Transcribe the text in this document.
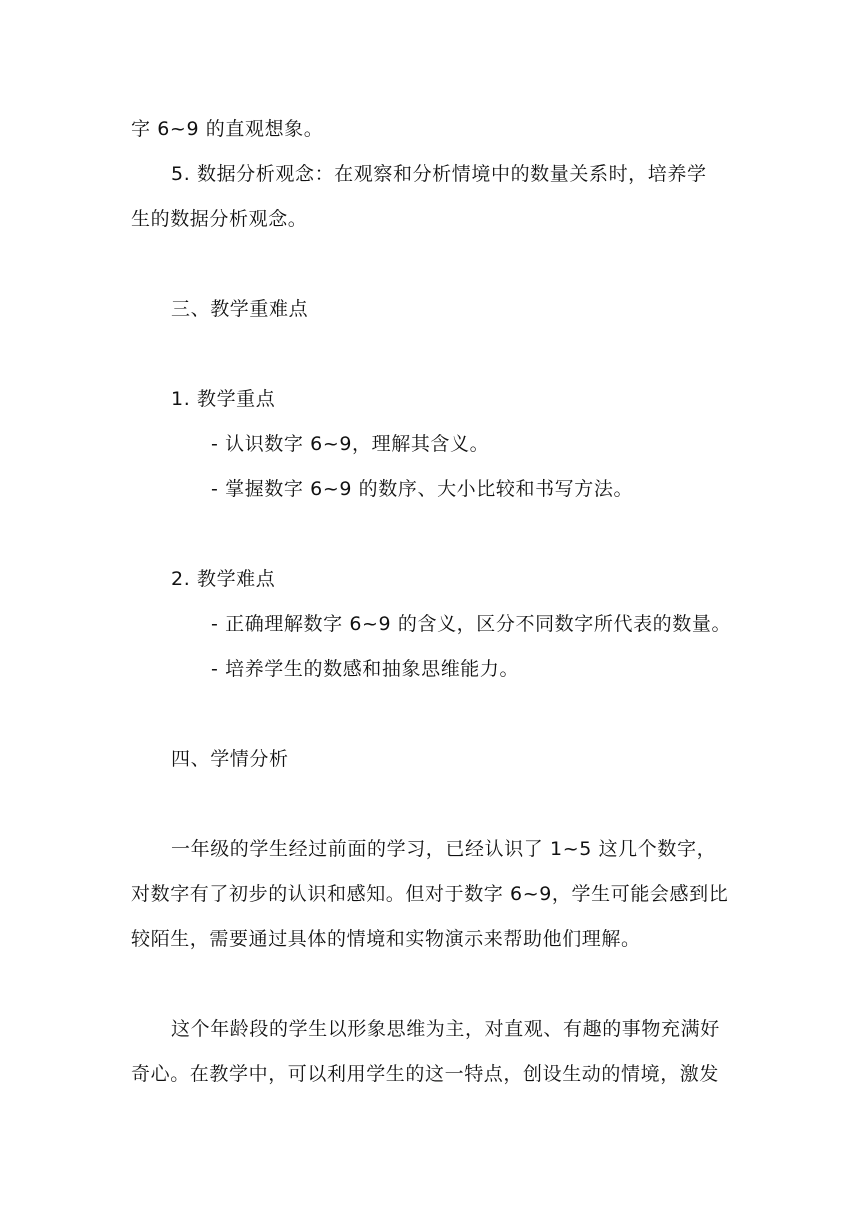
字 6~9 的直观想象。
5. 数据分析观念：在观察和分析情境中的数量关系时，培养学
生的数据分析观念。
三、教学重难点
1. 教学重点
- 认识数字 6~9，理解其含义。
- 掌握数字 6~9 的数序、大小比较和书写方法。
2. 教学难点
- 正确理解数字 6~9 的含义，区分不同数字所代表的数量。
- 培养学生的数感和抽象思维能力。
四、学情分析
一年级的学生经过前面的学习，已经认识了 1~5 这几个数字，
对数字有了初步的认识和感知。但对于数字 6~9，学生可能会感到比
较陌生，需要通过具体的情境和实物演示来帮助他们理解。
这个年龄段的学生以形象思维为主，对直观、有趣的事物充满好
奇心。在教学中，可以利用学生的这一特点，创设生动的情境，激发
